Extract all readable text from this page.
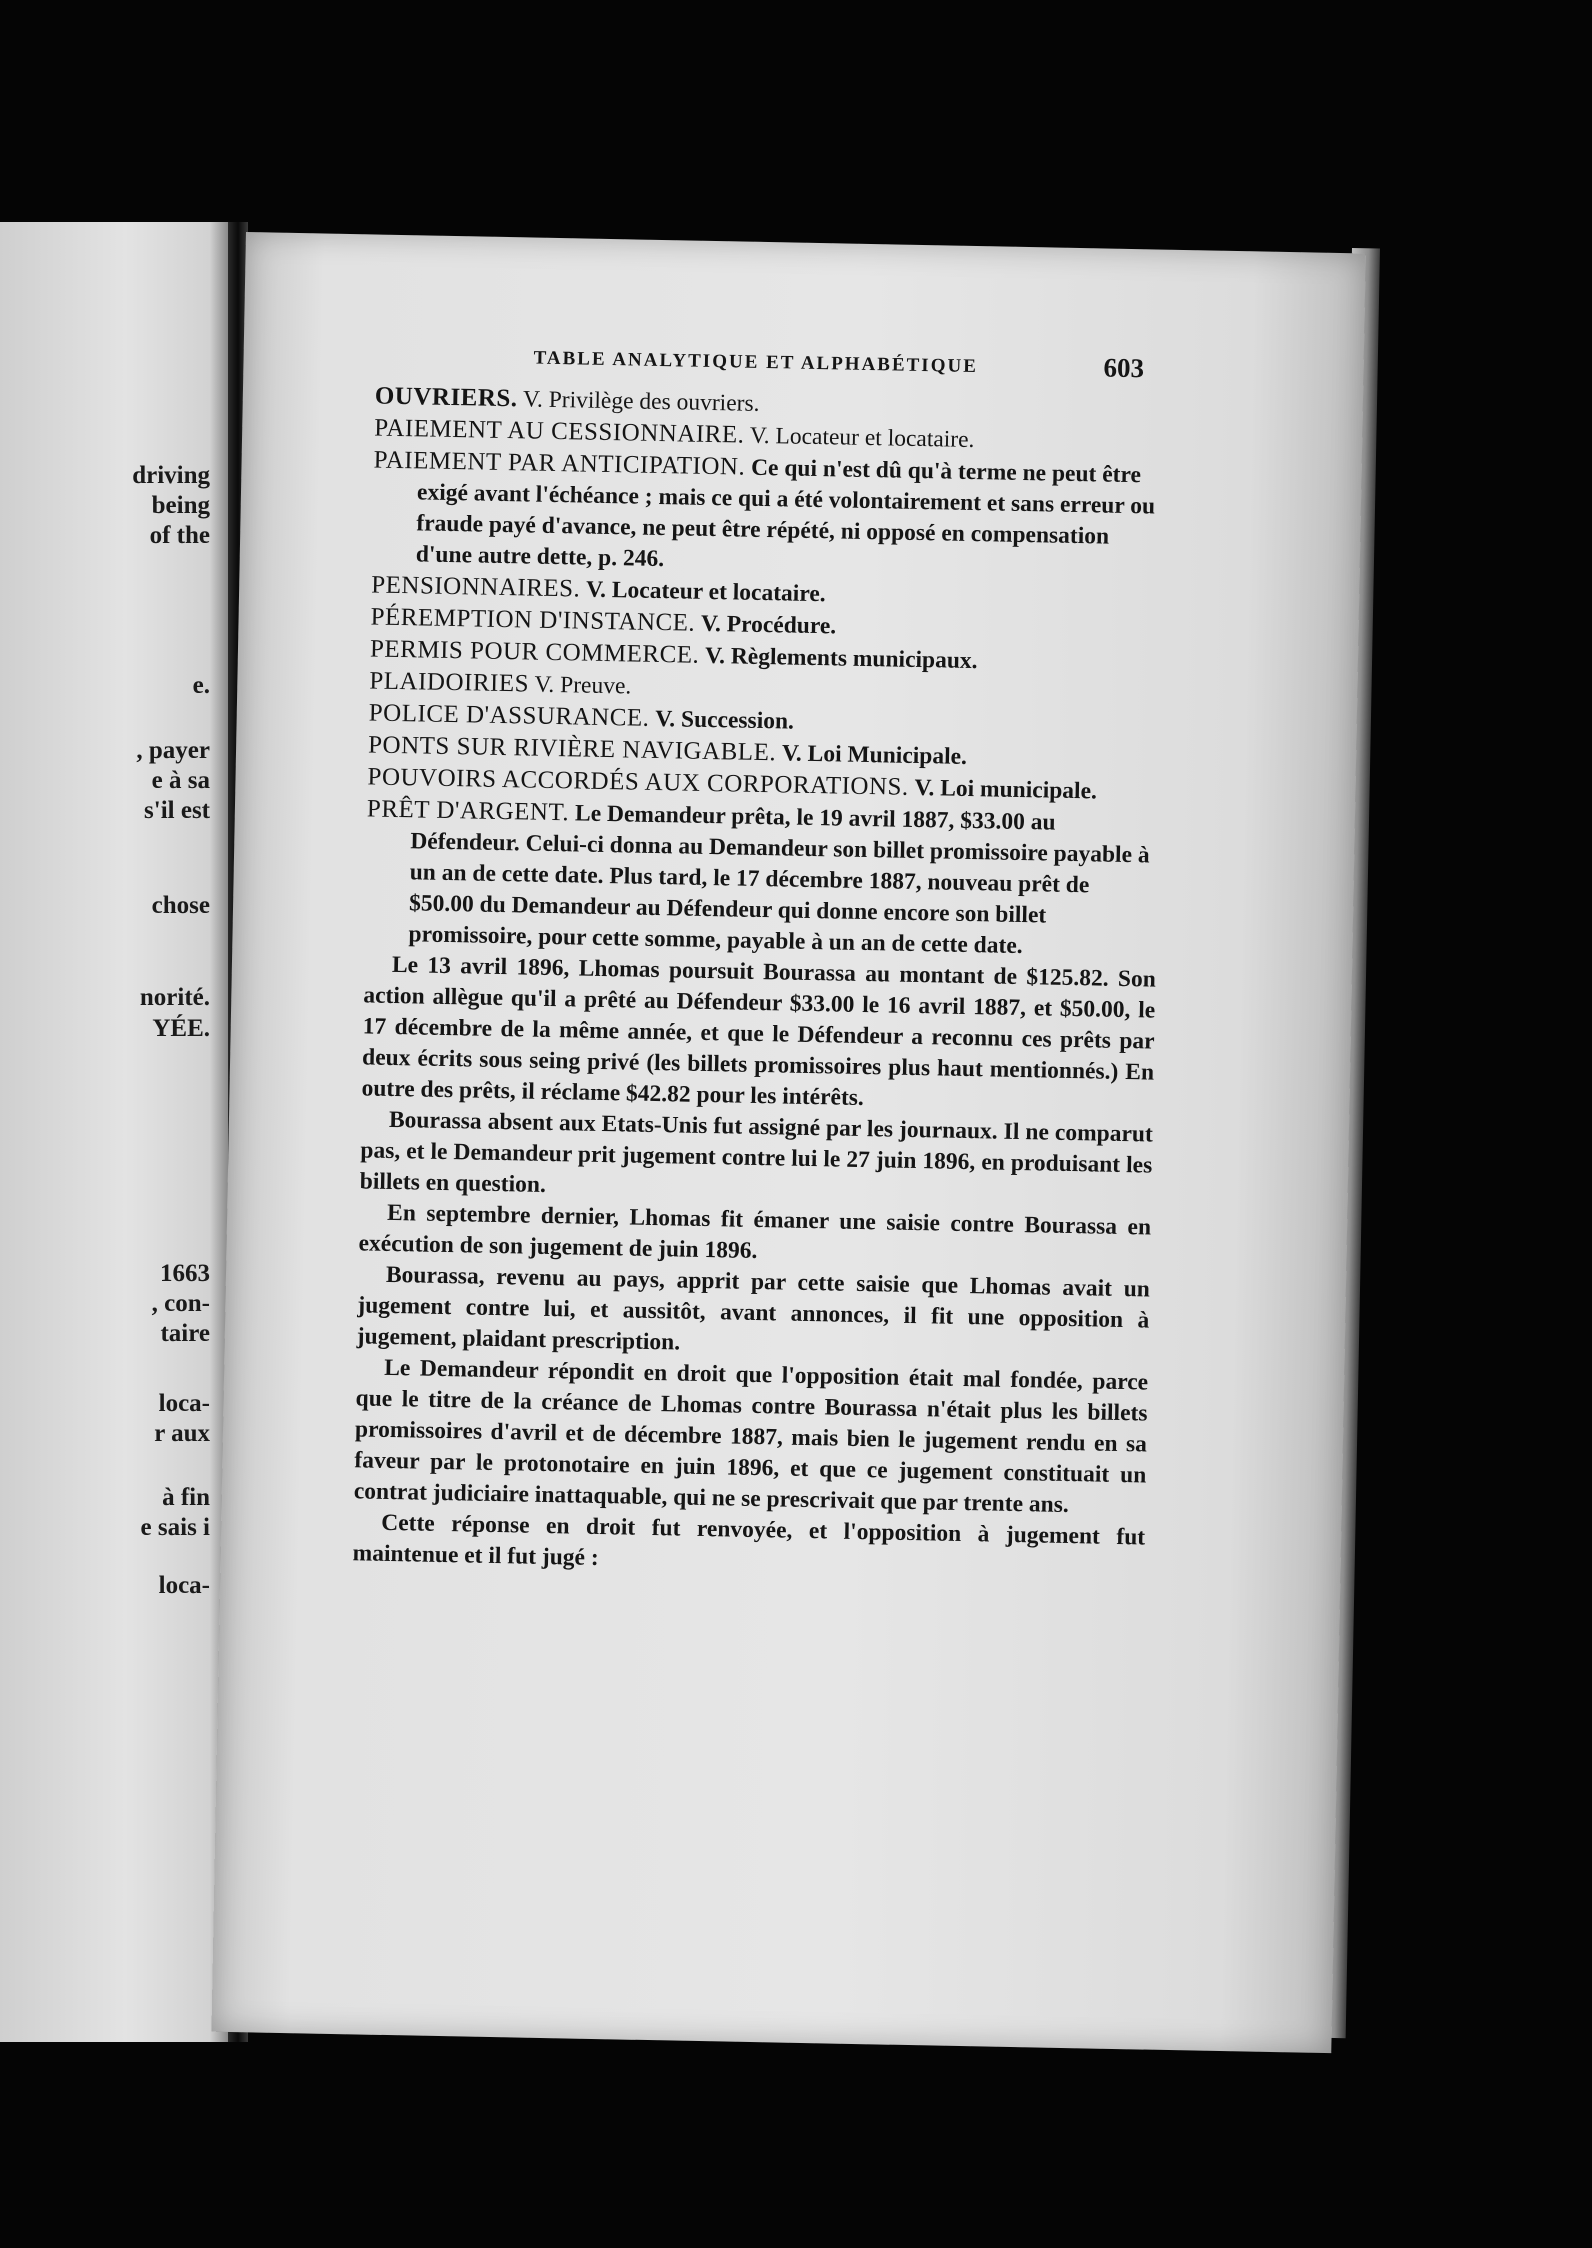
driving
being
of the
e.
, payer
e à sa
s'il est
chose
norité.
YÉE.
1663
, con-
taire
loca-
r aux
à fin
e sais i
loca-
TABLE ANALYTIQUE ET ALPHABÉTIQUE	603

OUVRIERS. V. Privilège des ouvriers.

PAIEMENT AU CESSIONNAIRE. V. Locateur et locataire.

PAIEMENT PAR ANTICIPATION. Ce qui n'est dû qu'à terme ne peut être exigé avant l'échéance ; mais ce qui a été volontairement et sans erreur ou fraude payé d'avance, ne peut être répété, ni opposé en compensation d'une autre dette, p. 246.

PENSIONNAIRES. V. Locateur et locataire.

PÉREMPTION D'INSTANCE. V. Procédure.

PERMIS POUR COMMERCE. V. Règlements municipaux.

PLAIDOIRIES V. Preuve.

POLICE D'ASSURANCE. V. Succession.

PONTS SUR RIVIÈRE NAVIGABLE. V. Loi Municipale.

POUVOIRS ACCORDÉS AUX CORPORATIONS. V. Loi municipale.

PRÊT D'ARGENT. Le Demandeur prêta, le 19 avril 1887, $33.00 au Défendeur. Celui-ci donna au Demandeur son billet promissoire payable à un an de cette date. Plus tard, le 17 décembre 1887, nouveau prêt de $50.00 du Demandeur au Défendeur qui donne encore son billet promissoire, pour cette somme, payable à un an de cette date.

Le 13 avril 1896, Lhomas poursuit Bourassa au montant de $125.82. Son action allègue qu'il a prêté au Défendeur $33.00 le 16 avril 1887, et $50.00, le 17 décembre de la même année, et que le Défendeur a reconnu ces prêts par deux écrits sous seing privé (les billets promissoires plus haut mentionnés.) En outre des prêts, il réclame $42.82 pour les intérêts.

Bourassa absent aux Etats-Unis fut assigné par les journaux. Il ne comparut pas, et le Demandeur prit jugement contre lui le 27 juin 1896, en produisant les billets en question.

En septembre dernier, Lhomas fit émaner une saisie contre Bourassa en exécution de son jugement de juin 1896.

Bourassa, revenu au pays, apprit par cette saisie que Lhomas avait un jugement contre lui, et aussitôt, avant annonces, il fit une opposition à jugement, plaidant prescription.

Le Demandeur répondit en droit que l'opposition était mal fondée, parce que le titre de la créance de Lhomas contre Bourassa n'était plus les billets promissoires d'avril et de décembre 1887, mais bien le jugement rendu en sa faveur par le protonotaire en juin 1896, et que ce jugement constituait un contrat judiciaire inattaquable, qui ne se prescrivait que par trente ans.

Cette réponse en droit fut renvoyée, et l'opposition à jugement fut maintenue et il fut jugé :
